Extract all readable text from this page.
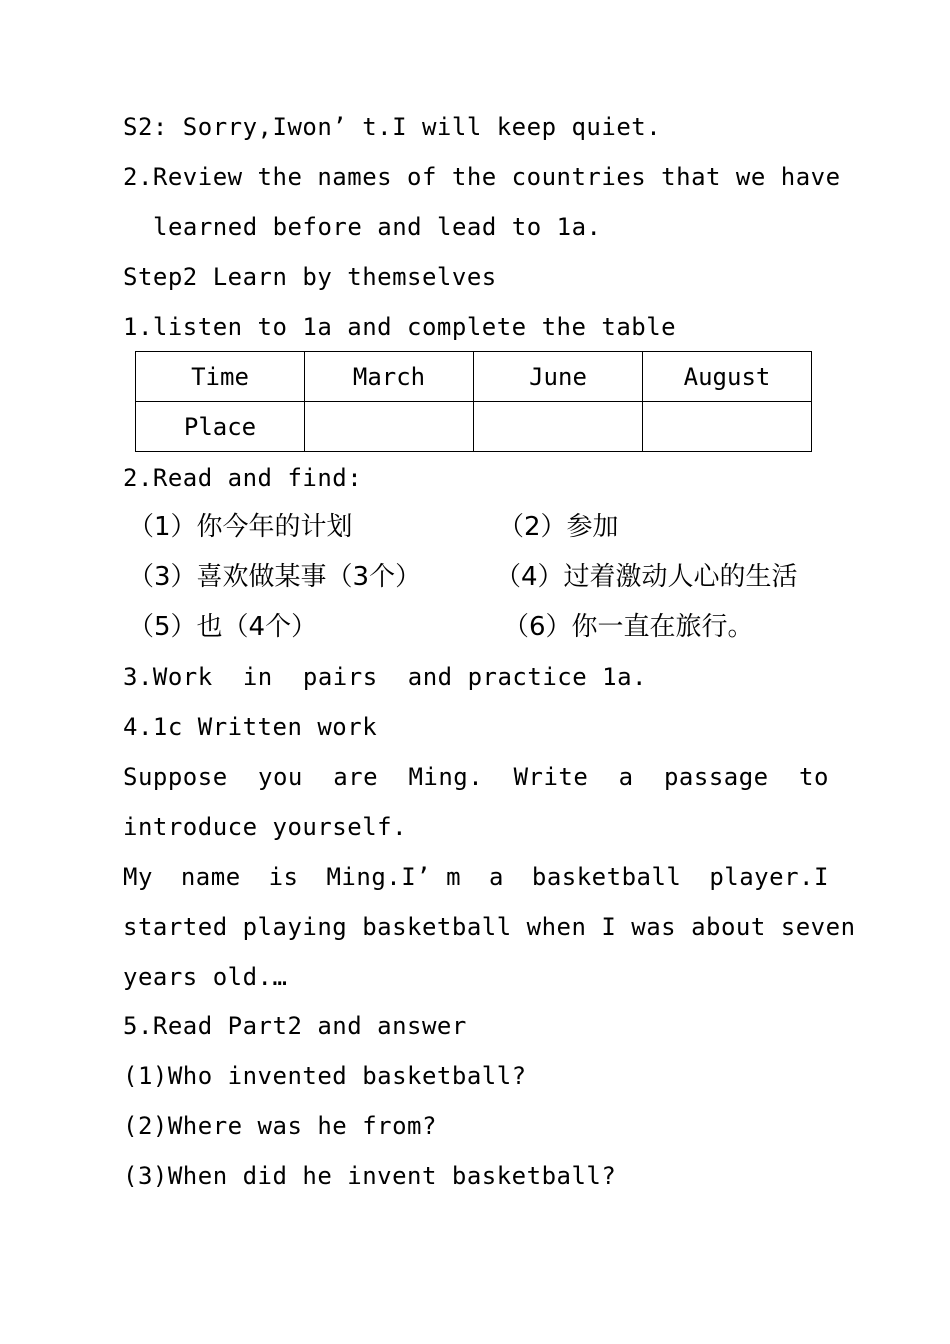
S2: Sorry,Iwon’ t.I will keep quiet.
2.Review the names of the countries that we have
learned before and lead to 1a.
Step2 Learn by themselves
1.listen to 1a and complete the table
Time	March	June	August
Place			
2.Read and find:
（1）你今年的计划	（2）参加
（3）喜欢做某事（3个）	（4）过着激动人心的生活
（5）也（4个）	（6）你一直在旅行。
3.Work in pairs and practice 1a.
4.1c Written work
Suppose you are Ming. Write a passage to
introduce yourself.
My name is Ming.I’ m a basketball player.I
started playing basketball when I was about seven
years old.…
5.Read Part2 and answer
(1)Who invented basketball?
(2)Where was he from?
(3)When did he invent basketball?
